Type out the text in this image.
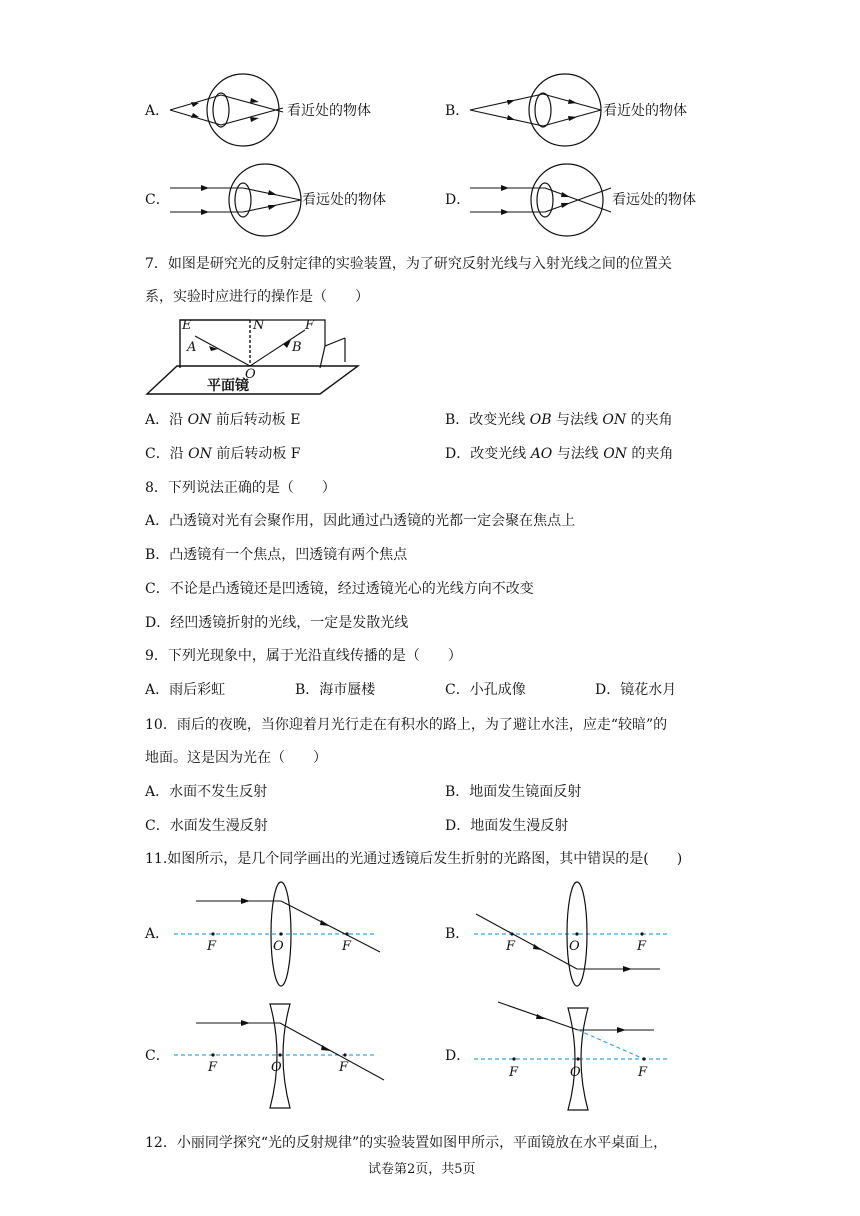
A．	看近处的物体	B．	看近处的物体
C．	看远处的物体	D．	看远处的物体
7．如图是研究光的反射定律的实验装置，为了研究反射光线与入射光线之间的位置关
系，实验时应进行的操作是（　　）
E	N	F
A	B
O
平面镜
A．沿 ON 前后转动板 E	B．改变光线 OB 与法线 ON 的夹角
C．沿 ON 前后转动板 F	D．改变光线 AO 与法线 ON 的夹角
8．下列说法正确的是（　　）
A．凸透镜对光有会聚作用，因此通过凸透镜的光都一定会聚在焦点上
B．凸透镜有一个焦点，凹透镜有两个焦点
C．不论是凸透镜还是凹透镜，经过透镜光心的光线方向不改变
D．经凹透镜折射的光线，一定是发散光线
9．下列光现象中，属于光沿直线传播的是（　　）
A．雨后彩虹	B．海市蜃楼	C．小孔成像	D．镜花水月
10．雨后的夜晚，当你迎着月光行走在有积水的路上，为了避让水洼，应走“较暗”的
地面。这是因为光在（　　）
A．水面不发生反射	B．地面发生镜面反射
C．水面发生漫反射	D．地面发生漫反射
11.如图所示，是几个同学画出的光通过透镜后发生折射的光路图，其中错误的是(　　)
A．
F	O	F
B．
F	O	F
C．
F	O	F
D．
F	O	F
12．小丽同学探究“光的反射规律”的实验装置如图甲所示，平面镜放在水平桌面上，
试卷第2页，共5页
